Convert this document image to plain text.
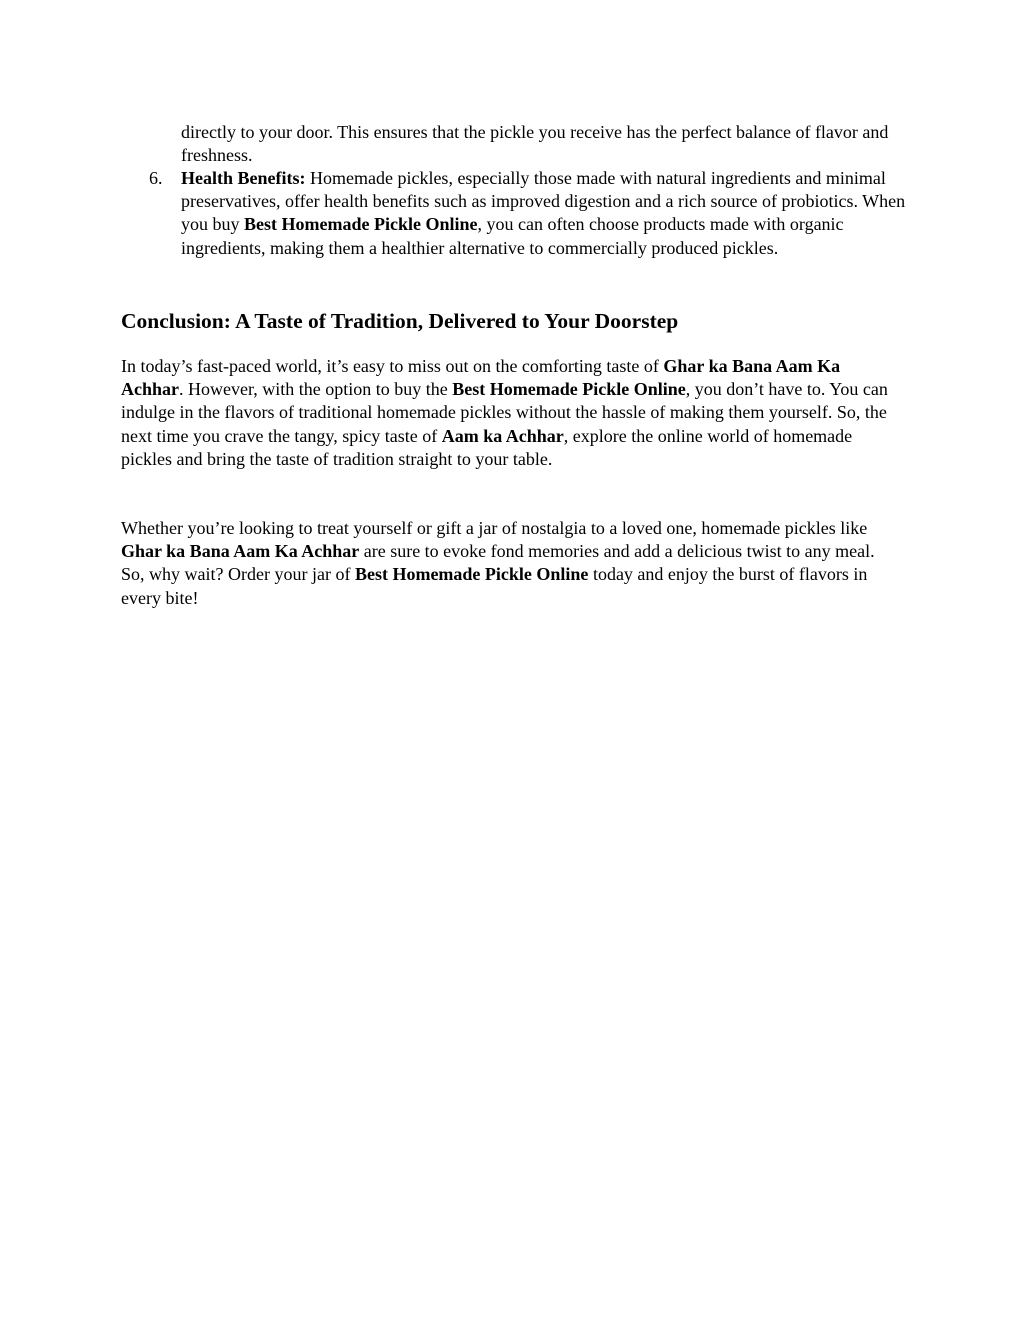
directly to your door. This ensures that the pickle you receive has the perfect balance of flavor and freshness.
6. Health Benefits: Homemade pickles, especially those made with natural ingredients and minimal preservatives, offer health benefits such as improved digestion and a rich source of probiotics. When you buy Best Homemade Pickle Online, you can often choose products made with organic ingredients, making them a healthier alternative to commercially produced pickles.
Conclusion: A Taste of Tradition, Delivered to Your Doorstep

In today’s fast-paced world, it’s easy to miss out on the comforting taste of Ghar ka Bana Aam Ka Achhar. However, with the option to buy the Best Homemade Pickle Online, you don’t have to. You can indulge in the flavors of traditional homemade pickles without the hassle of making them yourself. So, the next time you crave the tangy, spicy taste of Aam ka Achhar, explore the online world of homemade pickles and bring the taste of tradition straight to your table.

Whether you’re looking to treat yourself or gift a jar of nostalgia to a loved one, homemade pickles like Ghar ka Bana Aam Ka Achhar are sure to evoke fond memories and add a delicious twist to any meal. So, why wait? Order your jar of Best Homemade Pickle Online today and enjoy the burst of flavors in every bite!
